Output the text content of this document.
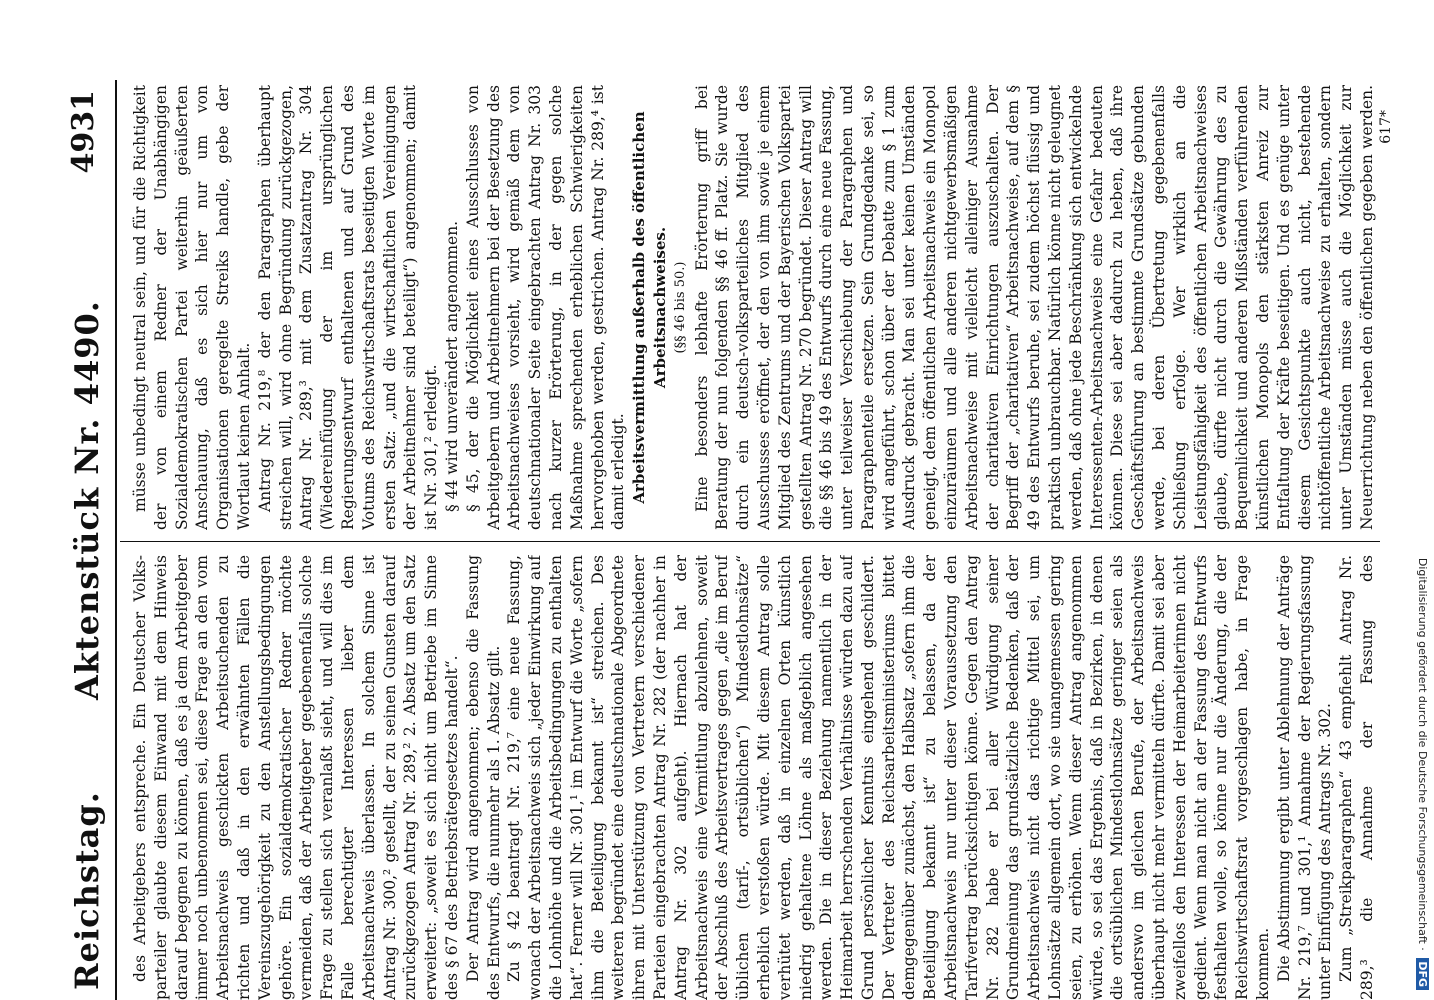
Reichstag.
Aktenstück Nr. 4490.
4931

des Arbeitgebers entspreche. Ein Deutscher Volksparteiler glaubte diesem Einwand mit dem Hinweis darauf begegnen zu können, daß es ja dem Arbeitgeber immer noch unbenommen sei, diese Frage an den vom Arbeitsnachweis geschickten Arbeitsuchenden zu richten und daß in den erwähnten Fällen die Vereinszugehörigkeit zu den Anstellungsbedingungen gehöre. Ein sozialdemokratischer Redner möchte vermeiden, daß der Arbeitgeber gegebenenfalls solche Frage zu stellen sich veranlaßt sieht, und will dies im Falle berechtigter Interessen lieber dem Arbeitsnachweis überlassen. In solchem Sinne ist Antrag Nr. 300,² gestellt, der zu seinen Gunsten darauf zurückgezogen Antrag Nr. 289,² 2. Absatz um den Satz erweitert: „soweit es sich nicht um Betriebe im Sinne des § 67 des Betriebsrätegesetzes handelt“. Der Antrag wird angenommen; ebenso die Fassung des Entwurfs, die nunmehr als 1. Absatz gilt. Zu § 42 beantragt Nr. 219,⁷ eine neue Fassung, wonach der Arbeitsnachweis sich „jeder Einwirkung auf die Lohnhöhe und die Arbeitsbedingungen zu enthalten hat“. Ferner will Nr. 301,¹ im Entwurf die Worte „sofern ihm die Beteiligung bekannt ist“ streichen. Des weiteren begründet eine deutschnationale Abgeordnete ihren mit Unterstützung von Vertretern verschiedener Parteien eingebrachten Antrag Nr. 282 (der nachher in Antrag Nr. 302 aufgeht). Hiernach hat der Arbeitsnachweis eine Vermittlung abzulehnen, soweit der Abschluß des Arbeitsvertrages gegen „die im Beruf üblichen (tarif-, ortsüblichen“) Mindestlohnsätze“ erheblich verstoßen würde. Mit diesem Antrag solle verhütet werden, daß in einzelnen Orten künstlich niedrig gehaltene Löhne als maßgeblich angesehen werden. Die in dieser Beziehung namentlich in der Heimarbeit herrschenden Verhältnisse würden dazu auf Grund persönlicher Kenntnis eingehend geschildert. Der Vertreter des Reichsarbeitsministeriums bittet demgegenüber zunächst, den Halbsatz „sofern ihm die Beteiligung bekannt ist“ zu belassen, da der Arbeitsnachweis nur unter dieser Voraussetzung den Tarifvertrag berücksichtigen könne. Gegen den Antrag Nr. 282 habe er bei aller Würdigung seiner Grundmeinung das grundsätzliche Bedenken, daß der Arbeitsnachweis nicht das richtige Mittel sei, um Lohnsätze allgemein dort, wo sie unangemessen gering seien, zu erhöhen. Wenn dieser Antrag angenommen würde, so sei das Ergebnis, daß in Bezirken, in denen die ortsüblichen Mindestlohnsätze geringer seien als anderswo im gleichen Berufe, der Arbeitsnachweis überhaupt nicht mehr vermitteln dürfte. Damit sei aber zweifellos den Interessen der Heimarbeiterinnen nicht gedient. Wenn man nicht an der Fassung des Entwurfs festhalten wolle, so könne nur die Änderung, die der Reichswirtschaftsrat vorgeschlagen habe, in Frage kommen. Die Abstimmung ergibt unter Ablehnung der Anträge Nr. 219,⁷ und 301,¹ Annahme der Regierungsfassung unter Einfügung des Antrags Nr. 302. Zum „Streikparagraphen“ 43 empfiehlt Antrag Nr. 289,³ die Annahme der Fassung des

müsse unbedingt neutral sein, und für die Richtigkeit der von einem Redner der Unabhängigen Sozialdemokratischen Partei weiterhin geäußerten Anschauung, daß es sich hier nur um von Organisationen geregelte Streiks handle, gebe der Wortlaut keinen Anhalt. Antrag Nr. 219,⁸ der den Paragraphen überhaupt streichen will, wird ohne Begründung zurückgezogen, Antrag Nr. 289,³ mit dem Zusatzantrag Nr. 304 (Wiedereinfügung der im ursprünglichen Regierungsentwurf enthaltenen und auf Grund des Votums des Reichswirtschaftsrats beseitigten Worte im ersten Satz: „und die wirtschaftlichen Vereinigungen der Arbeitnehmer sind beteiligt“) angenommen; damit ist Nr. 301,² erledigt. § 44 wird unverändert angenommen. § 45, der die Möglichkeit eines Ausschlusses von Arbeitgebern und Arbeitnehmern bei der Besetzung des Arbeitsnachweises vorsieht, wird gemäß dem von deutschnationaler Seite eingebrachten Antrag Nr. 303 nach kurzer Erörterung, in der gegen solche Maßnahme sprechenden erheblichen Schwierigkeiten hervorgehoben werden, gestrichen. Antrag Nr. 289,⁴ ist damit erledigt. Arbeitsvermittlung außerhalb des öffentlichen Arbeitsnachweises. (§§ 46 bis 50.)

Eine besonders lebhafte Erörterung griff bei Beratung der nun folgenden §§ 46 ff. Platz. Sie wurde durch ein deutsch-volksparteiliches Mitglied des Ausschusses eröffnet, der den von ihm sowie je einem Mitglied des Zentrums und der Bayerischen Volkspartei gestellten Antrag Nr. 270 begründet. Dieser Antrag will die §§ 46 bis 49 des Entwurfs durch eine neue Fassung, unter teilweiser Verschiebung der Paragraphen und Paragraphenteile ersetzen. Sein Grundgedanke sei, so wird angeführt, schon über der Debatte zum § 1 zum Ausdruck gebracht. Man sei unter keinen Umständen geneigt, dem öffentlichen Arbeitsnachweis ein Monopol einzuräumen und alle anderen nichtgewerbsmäßigen Arbeitsnachweise mit vielleicht alleiniger Ausnahme der charitativen Einrichtungen auszuschalten. Der Begriff der „charitativen“ Arbeitsnachweise, auf dem § 49 des Entwurfs beruhe, sei zudem höchst flüssig und praktisch unbrauchbar. Natürlich könne nicht geleugnet werden, daß ohne jede Beschränkung sich entwickelnde Interessenten-Arbeitsnachweise eine Gefahr bedeuten können. Diese sei aber dadurch zu heben, daß ihre Geschäftsführung an bestimmte Grundsätze gebunden werde, bei deren Übertretung gegebenenfalls Schließung erfolge. Wer wirklich an die Leistungsfähigkeit des öffentlichen Arbeitsnachweises glaube, dürfte nicht durch die Gewährung des zu Bequemlichkeit und anderen Mißständen verführenden künstlichen Monopols den stärksten Anreiz zur Entfaltung der Kräfte beseitigen. Und es genüge unter diesem Gesichtspunkte auch nicht, bestehende nichtöffentliche Arbeitsnachweise zu erhalten, sondern unter Umständen müsse auch die Möglichkeit zur Neuerrichtung neben den öffentlichen gegeben werden. 617*
Digitalisierung gefördert durch die Deutsche Forschungsgemeinschaft · DFG
